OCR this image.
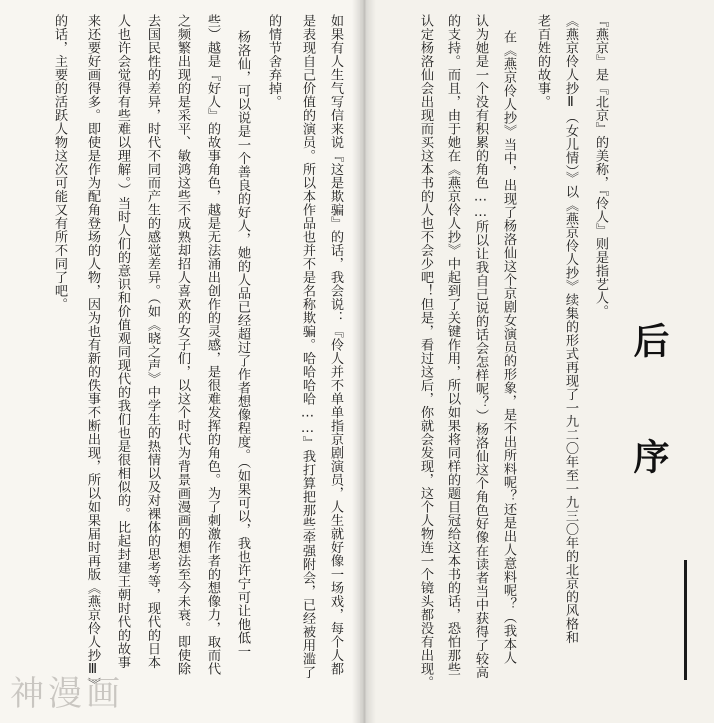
后　序
『燕京』是『北京』的美称，『伶人』则是指艺人。
《燕京伶人抄Ⅱ（女儿情）》以《燕京伶人抄》续集的形式再现了一九二〇年至一九三〇年的北京的风格和
老百姓的故事。
在《燕京伶人抄》当中，出现了杨洛仙这个京剧女演员的形象，是不出所料呢？还是出人意料呢？（我本人
认为她是一个没有积累的角色……所以让我自己说的话会怎样呢？）杨洛仙这个角色好像在读者当中获得了较高
的支持。而且，由于她在《燕京伶人抄》中起到了关键作用，所以如果将同样的题目冠给这本书的话，恐怕那些
认定杨洛仙会出现而买这本书的人也不会少吧！但是，看过这后，你就会发现，这个人物连一个镜头都没有出现。
如果有人生气写信来说『这是欺骗』的话，我会说：『伶人并不单单指京剧演员，人生就好像一场戏，每个人都
是表现自己价值的演员。所以本作品也并不是名称欺骗。哈哈哈哈……』我打算把那些牵强附会，已经被用滥了
的情节舍弃掉。
杨洛仙，可以说是一个善良的好人，她的人品已经超过了作者想像程度。（如果可以，我也许宁可让他低一
些）越是『好人』的故事角色，越是无法涌出创作的灵感，是很难发挥的角色。为了刺激作者的想像力，取而代
之频繁出现的是采平、敏鸿这些不成熟却招人喜欢的女子们，以这个时代为背景画漫画的想法至今未衰。即使除
去国民性的差异，时代不同而产生的感觉差异。（如《晓之声》中学生的热情以及对裸体的思考等，现代的日本
人也许会觉得有些难以理解。）当时人们的意识和价值观同现代的我们也是很相似的。比起封建王朝时代的故事
来还要好画得多。即使是作为配角登场的人物，因为也有新的佚事不断出现，所以如果届时再版《燕京伶人抄Ⅲ》
的话，主要的活跃人物这次可能又有所不同了吧。
神漫画
